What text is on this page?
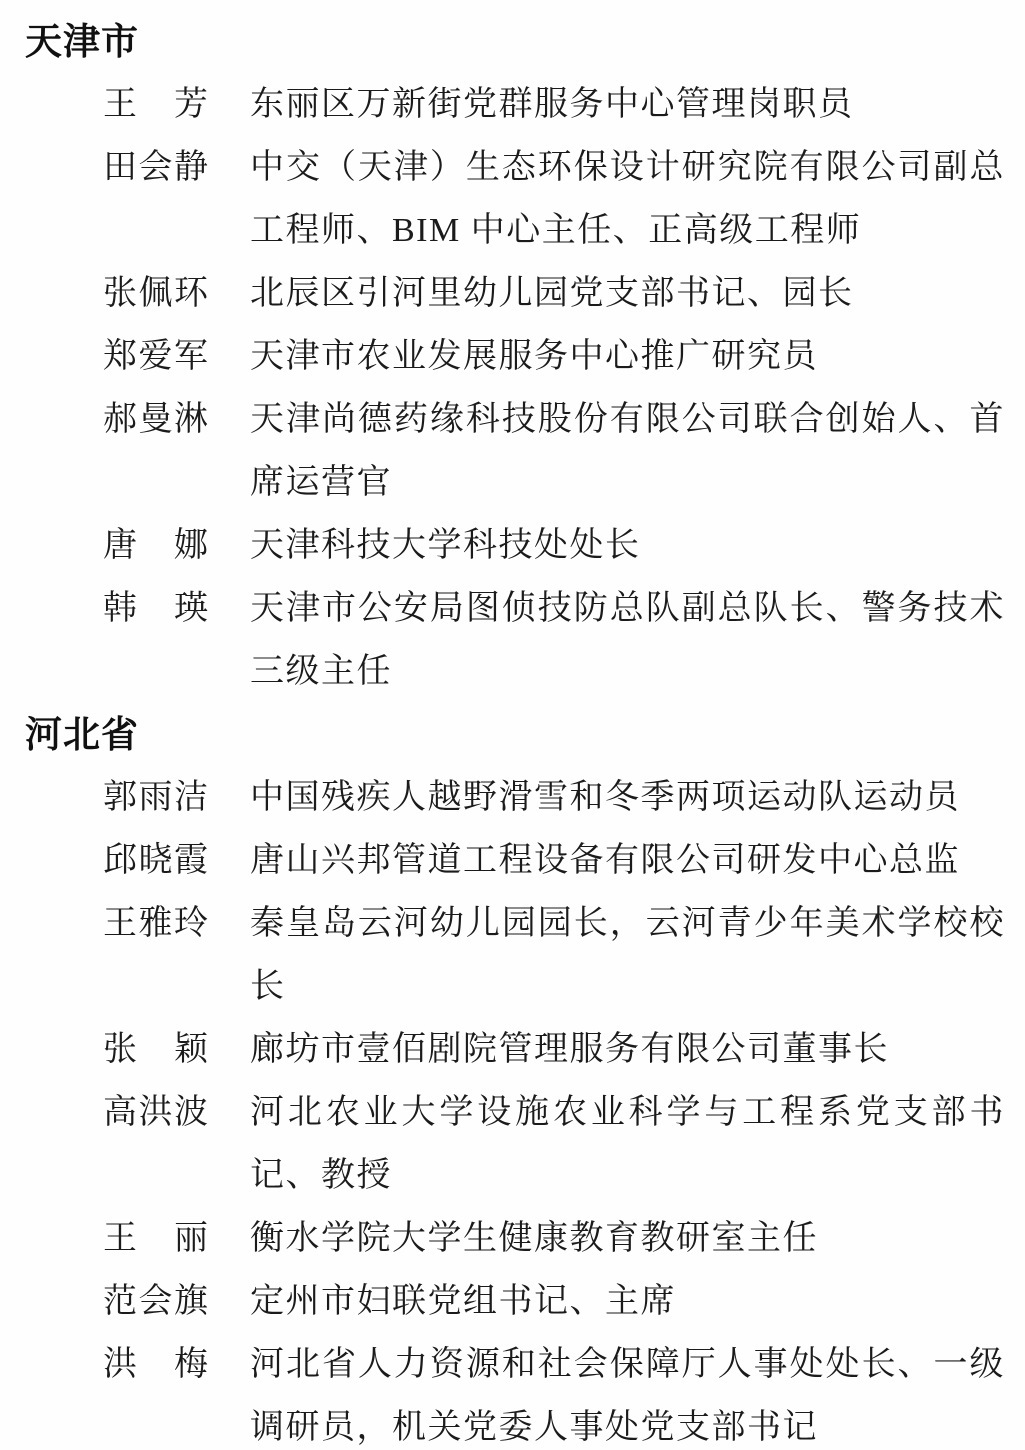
天津市
王　芳	东丽区万新街党群服务中心管理岗职员
田会静	中交（天津）生态环保设计研究院有限公司副总工程师、BIM 中心主任、正高级工程师
张佩环	北辰区引河里幼儿园党支部书记、园长
郑爱军	天津市农业发展服务中心推广研究员
郝曼淋	天津尚德药缘科技股份有限公司联合创始人、首席运营官
唐　娜	天津科技大学科技处处长
韩　瑛	天津市公安局图侦技防总队副总队长、警务技术三级主任
河北省
郭雨洁	中国残疾人越野滑雪和冬季两项运动队运动员
邱晓霞	唐山兴邦管道工程设备有限公司研发中心总监
王雅玲	秦皇岛云河幼儿园园长，云河青少年美术学校校长
张　颖	廊坊市壹佰剧院管理服务有限公司董事长
高洪波	河北农业大学设施农业科学与工程系党支部书记、教授
王　丽	衡水学院大学生健康教育教研室主任
范会旗	定州市妇联党组书记、主席
洪　梅	河北省人力资源和社会保障厅人事处处长、一级调研员，机关党委人事处党支部书记
